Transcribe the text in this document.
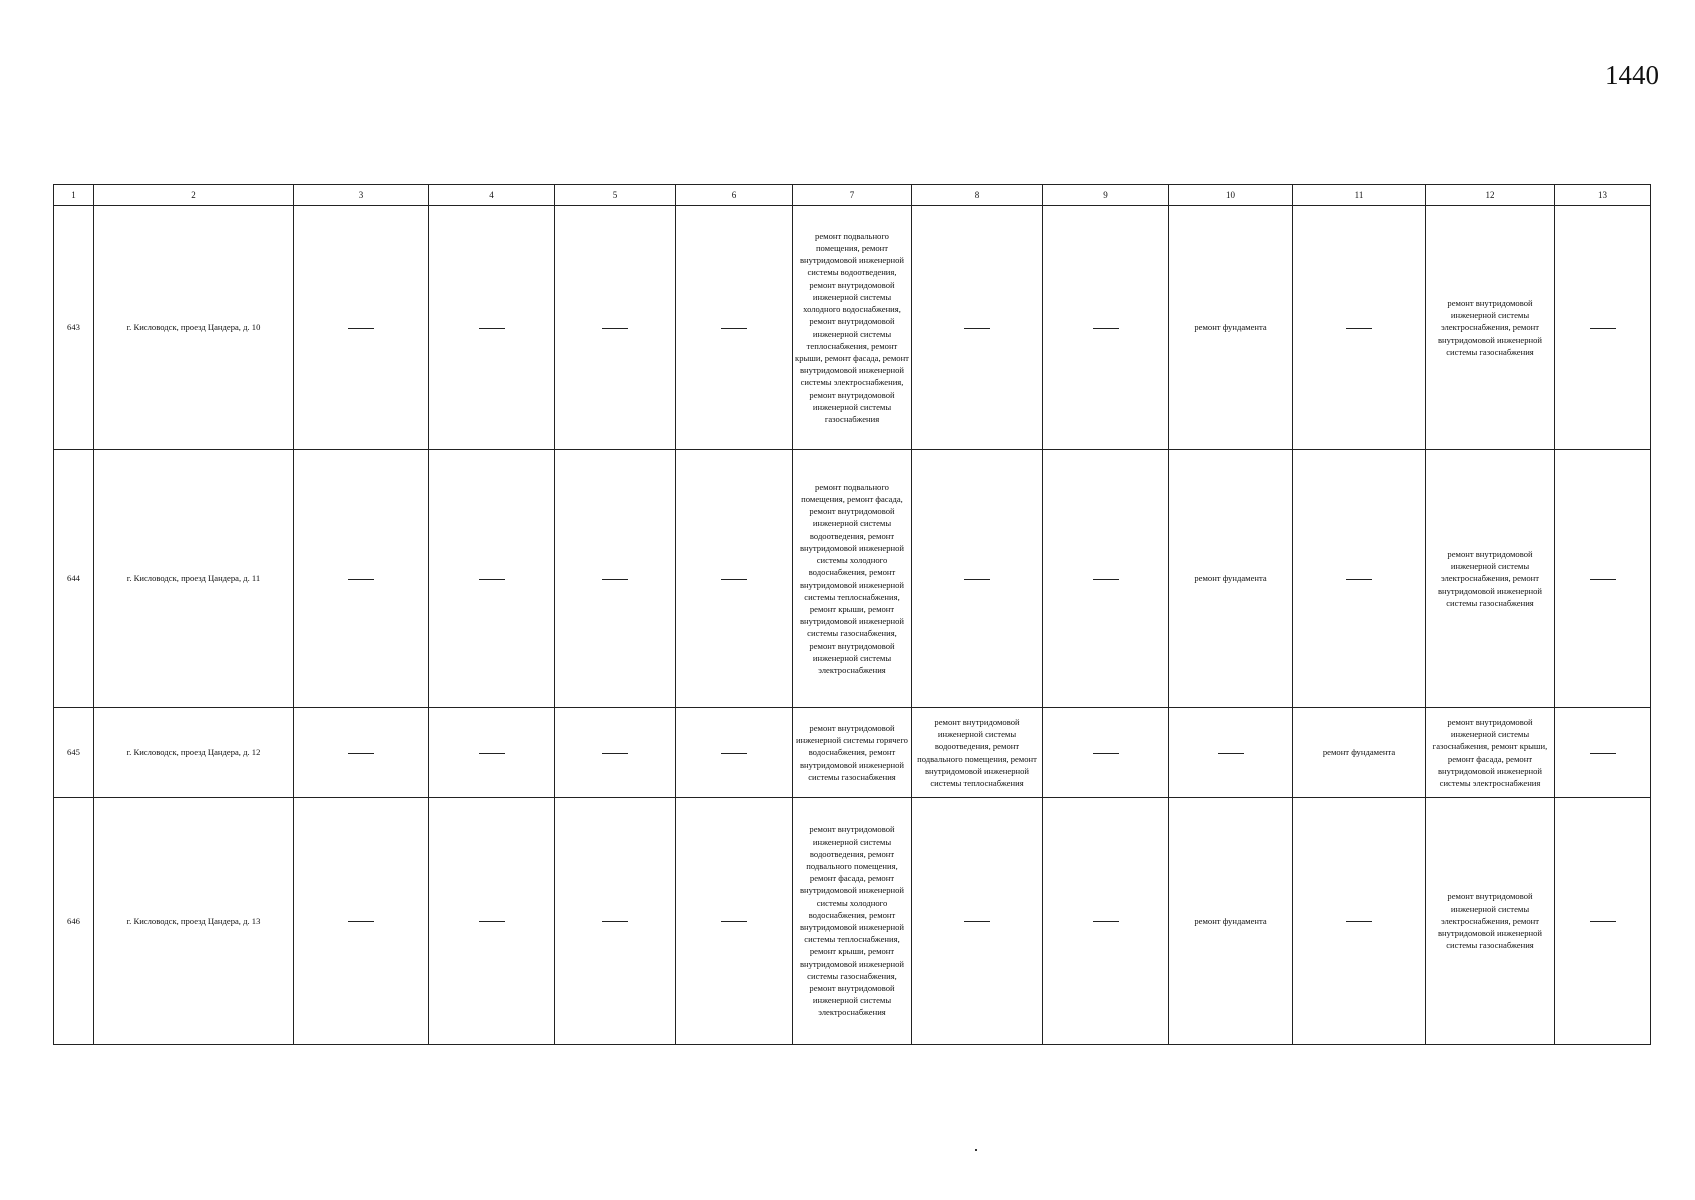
1440
1	2	3	4	5	6	7	8	9	10	11	12	13
643	г. Кисловодск, проезд Цандера, д. 10					ремонт подвального помещения, ремонт внутридомовой инженерной системы водоотведения, ремонт внутридомовой инженерной системы холодного водоснабжения, ремонт внутридомовой инженерной системы теплоснабжения, ремонт крыши, ремонт фасада, ремонт внутридомовой инженерной системы электроснабжения, ремонт внутридомовой инженерной системы газоснабжения			ремонт фундамента		ремонт внутридомовой инженерной системы электроснабжения, ремонт внутридомовой инженерной системы газоснабжения	
644	г. Кисловодск, проезд Цандера, д. 11					ремонт подвального помещения, ремонт фасада, ремонт внутридомовой инженерной системы водоотведения, ремонт внутридомовой инженерной системы холодного водоснабжения, ремонт внутридомовой инженерной системы теплоснабжения, ремонт крыши, ремонт внутридомовой инженерной системы газоснабжения, ремонт внутридомовой инженерной системы электроснабжения			ремонт фундамента		ремонт внутридомовой инженерной системы электроснабжения, ремонт внутридомовой инженерной системы газоснабжения	
645	г. Кисловодск, проезд Цандера, д. 12					ремонт внутридомовой инженерной системы горячего водоснабжения, ремонт внутридомовой инженерной системы газоснабжения	ремонт внутридомовой инженерной системы водоотведения, ремонт подвального помещения, ремонт внутридомовой инженерной системы теплоснабжения			ремонт фундамента	ремонт внутридомовой инженерной системы газоснабжения, ремонт крыши, ремонт фасада, ремонт внутридомовой инженерной системы электроснабжения	
646	г. Кисловодск, проезд Цандера, д. 13					ремонт внутридомовой инженерной системы водоотведения, ремонт подвального помещения, ремонт фасада, ремонт внутридомовой инженерной системы холодного водоснабжения, ремонт внутридомовой инженерной системы теплоснабжения, ремонт крыши, ремонт внутридомовой инженерной системы газоснабжения, ремонт внутридомовой инженерной системы электроснабжения			ремонт фундамента		ремонт внутридомовой инженерной системы электроснабжения, ремонт внутридомовой инженерной системы газоснабжения	
